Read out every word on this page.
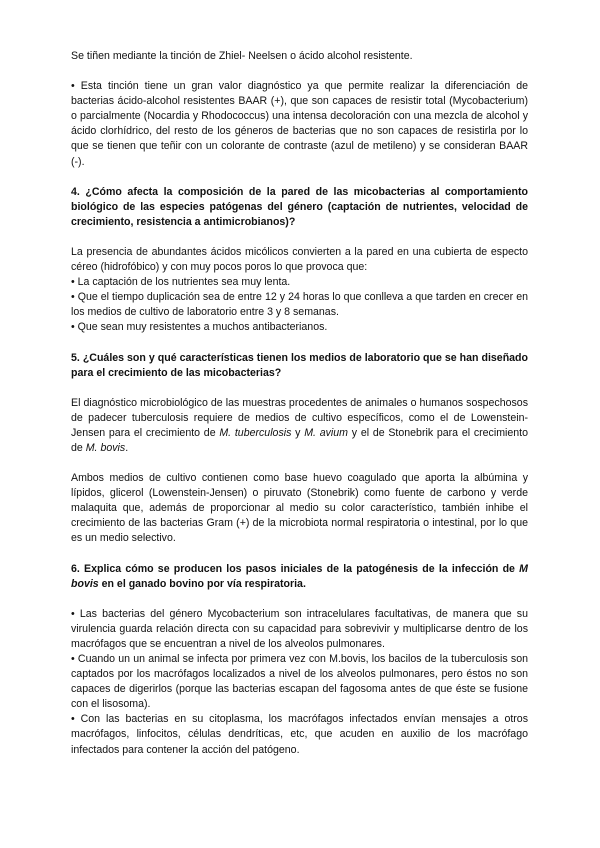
Se tiñen mediante la tinción de Zhiel- Neelsen o ácido alcohol resistente.

• Esta tinción tiene un gran valor diagnóstico ya que permite realizar la diferenciación de bacterias ácido-alcohol resistentes BAAR (+), que son capaces de resistir total (Mycobacterium) o parcialmente (Nocardia y Rhodococcus) una intensa decoloración con una mezcla de alcohol y ácido clorhídrico, del resto de los géneros de bacterias que no son capaces de resistirla por lo que se tienen que teñir con un colorante de contraste (azul de metileno) y se consideran BAAR (-).

4. ¿Cómo afecta la composición de la pared de las micobacterias al comportamiento biológico de las especies patógenas del género (captación de nutrientes, velocidad de crecimiento, resistencia a antimicrobianos)?

La presencia de abundantes ácidos micólicos convierten a la pared en una cubierta de especto céreo (hidrofóbico) y con muy pocos poros lo que provoca que:

• La captación de los nutrientes sea muy lenta.

• Que el tiempo duplicación sea de entre 12 y 24 horas lo que conlleva a que tarden en crecer en los medios de cultivo de laboratorio entre 3 y 8 semanas.

• Que sean muy resistentes a muchos antibacterianos.

5. ¿Cuáles son y qué características tienen los medios de laboratorio que se han diseñado para el crecimiento de las micobacterias?

El diagnóstico microbiológico de las muestras procedentes de animales o humanos sospechosos de padecer tuberculosis requiere de medios de cultivo específicos, como el de Lowenstein-Jensen para el crecimiento de M. tuberculosis y M. avium y el de Stonebrik para el crecimiento de M. bovis.

Ambos medios de cultivo contienen como base huevo coagulado que aporta la albúmina y lípidos, glicerol (Lowenstein-Jensen) o piruvato (Stonebrik) como fuente de carbono y verde malaquita que, además de proporcionar al medio su color característico, también inhibe el crecimiento de las bacterias Gram (+) de la microbiota normal respiratoria o intestinal, por lo que es un medio selectivo.

6. Explica cómo se producen los pasos iniciales de la patogénesis de la infección de M bovis en el ganado bovino por vía respiratoria.

• Las bacterias del género Mycobacterium son intracelulares facultativas, de manera que su virulencia guarda relación directa con su capacidad para sobrevivir y multiplicarse dentro de los macrófagos que se encuentran a nivel de los alveolos pulmonares.

• Cuando un un animal se infecta por primera vez con M.bovis, los bacilos de la tuberculosis son captados por los macrófagos localizados a nivel de los alveolos pulmonares, pero éstos no son capaces de digerirlos (porque las bacterias escapan del fagosoma antes de que éste se fusione con el lisosoma).

• Con las bacterias en su citoplasma, los macrófagos infectados envían mensajes a otros macrófagos, linfocitos, células dendríticas, etc, que acuden en auxilio de los macrófago infectados para contener la acción del patógeno.
